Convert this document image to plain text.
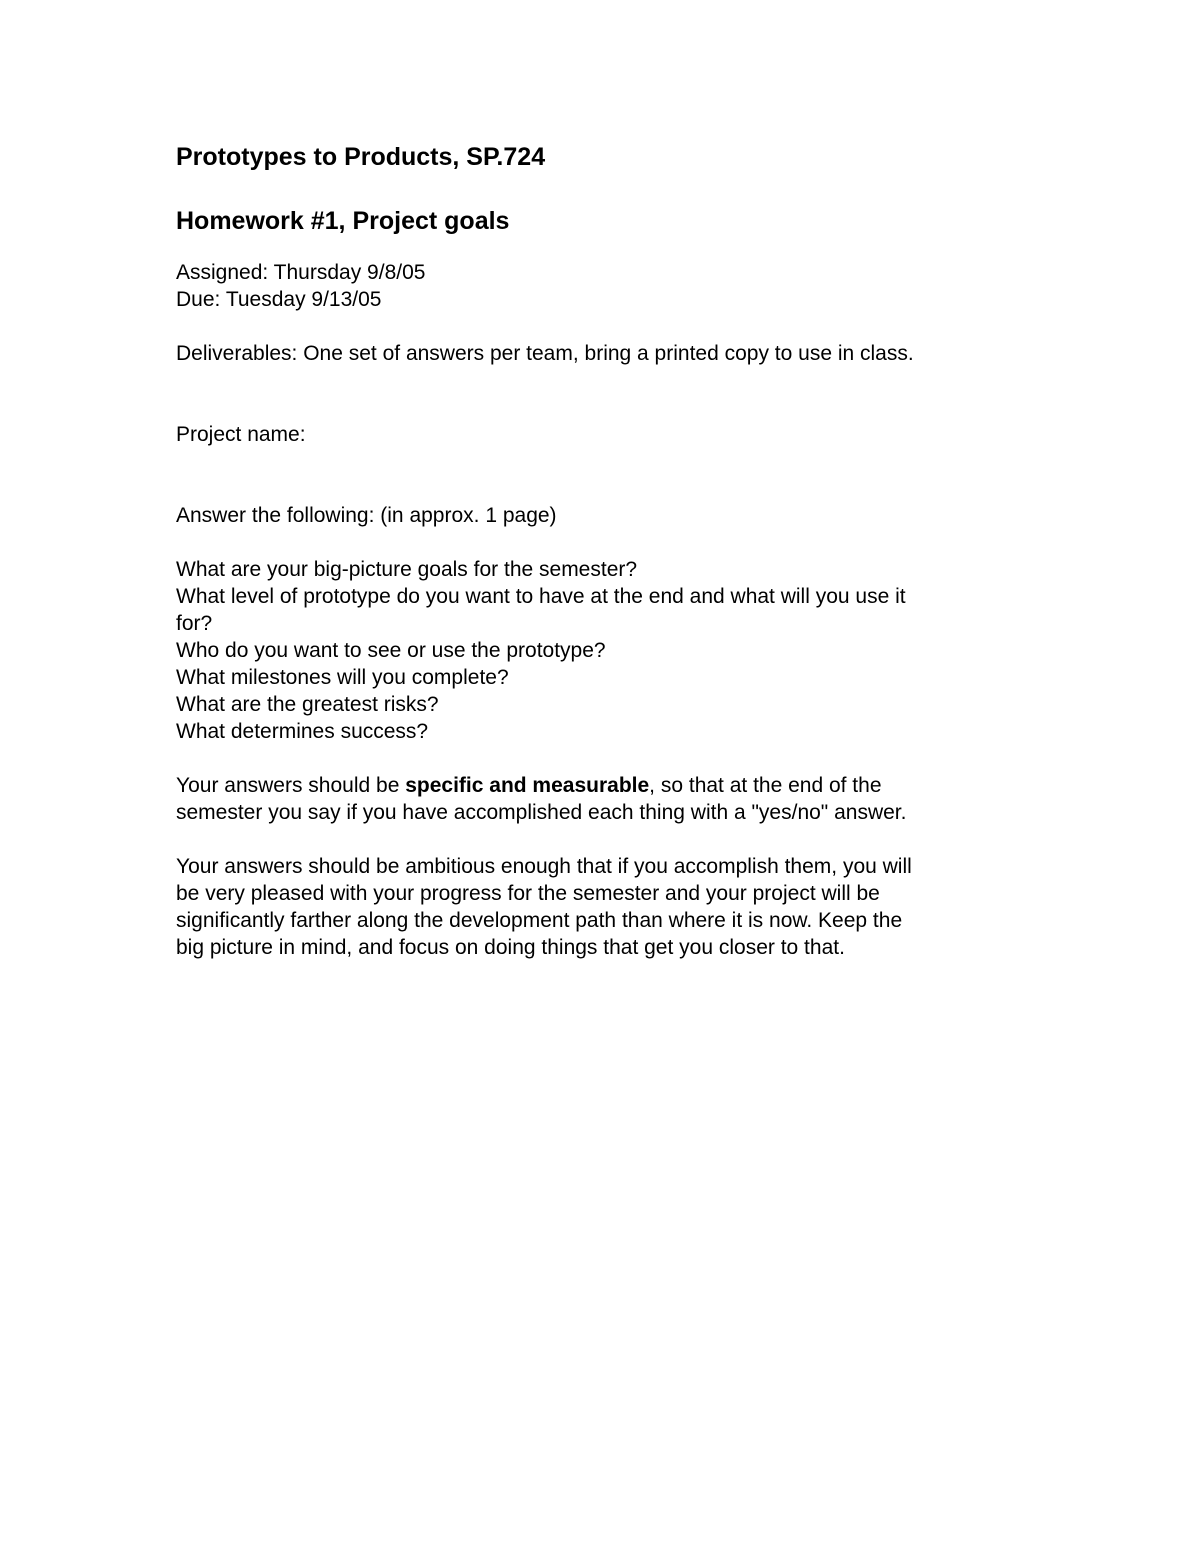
Prototypes to Products, SP.724

Homework #1, Project goals

Assigned: Thursday 9/8/05

Due: Tuesday 9/13/05

Deliverables: One set of answers per team, bring a printed copy to use in class.

Project name:

Answer the following: (in approx. 1 page)

What are your big-picture goals for the semester?

What level of prototype do you want to have at the end and what will you use it

for?

Who do you want to see or use the prototype?

What milestones will you complete?

What are the greatest risks?

What determines success?

Your answers should be specific and measurable, so that at the end of the

semester you say if you have accomplished each thing with a "yes/no" answer.

Your answers should be ambitious enough that if you accomplish them, you will

be very pleased with your progress for the semester and your project will be

significantly farther along the development path than where it is now. Keep the

big picture in mind, and focus on doing things that get you closer to that.
